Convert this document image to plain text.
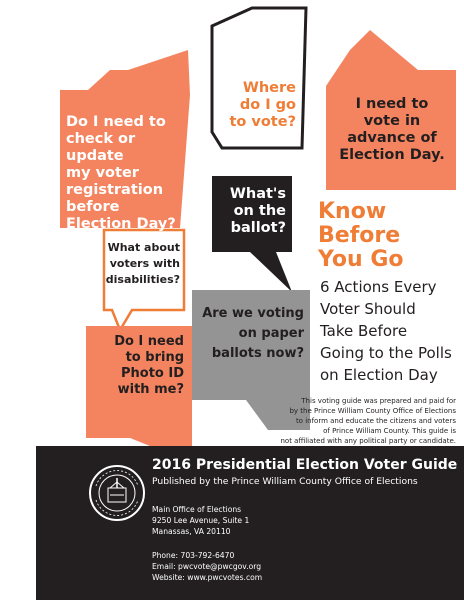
Do I need to
check or update
my voter
registration
before
Election Day?

Where
do I go
to vote?

I need to
vote in
advance of
Election Day.

What's
on the
ballot?

What about
voters with
disabilities?

Are we voting
on paper
ballots now?

Do I need
to bring
Photo ID
with me?

Know
Before
You Go

6 Actions Every
Voter Should
Take Before
Going to the Polls
on Election Day

This voting guide was prepared and paid for
by the Prince William County Office of Elections
to inform and educate the citizens and voters
of Prince William County. This guide is
not affiliated with any political party or candidate.

2016 Presidential Election Voter Guide
Published by the Prince William County Office of Elections
Main Office of Elections
9250 Lee Avenue, Suite 1
Manassas, VA 20110
Phone: 703-792-6470
Email: pwcvote@pwcgov.org
Website: www.pwcvotes.com
